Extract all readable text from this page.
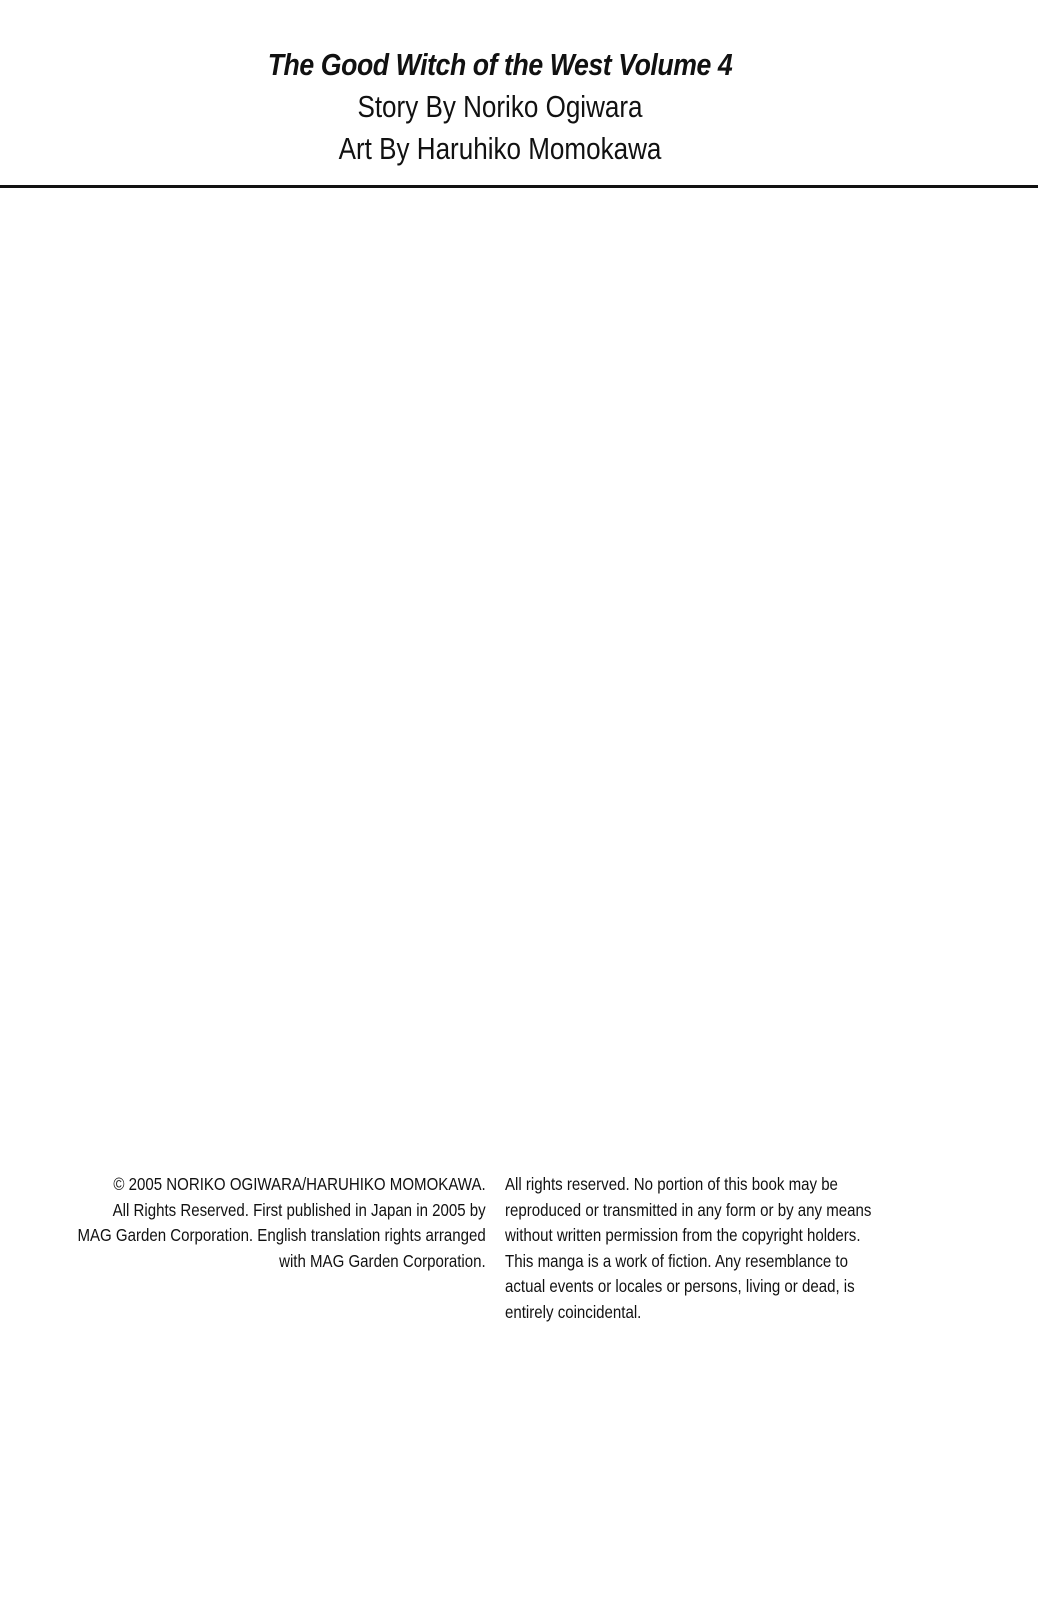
The Good Witch of the West Volume 4
Story By Noriko Ogiwara
Art By Haruhiko Momokawa
© 2005 NORIKO OGIWARA/HARUHIKO MOMOKAWA.
All Rights Reserved. First published in Japan in 2005 by
MAG Garden Corporation. English translation rights arranged
with MAG Garden Corporation.
All rights reserved. No portion of this book may be
reproduced or transmitted in any form or by any means
without written permission from the copyright holders.
This manga is a work of fiction. Any resemblance to
actual events or locales or persons, living or dead, is
entirely coincidental.
